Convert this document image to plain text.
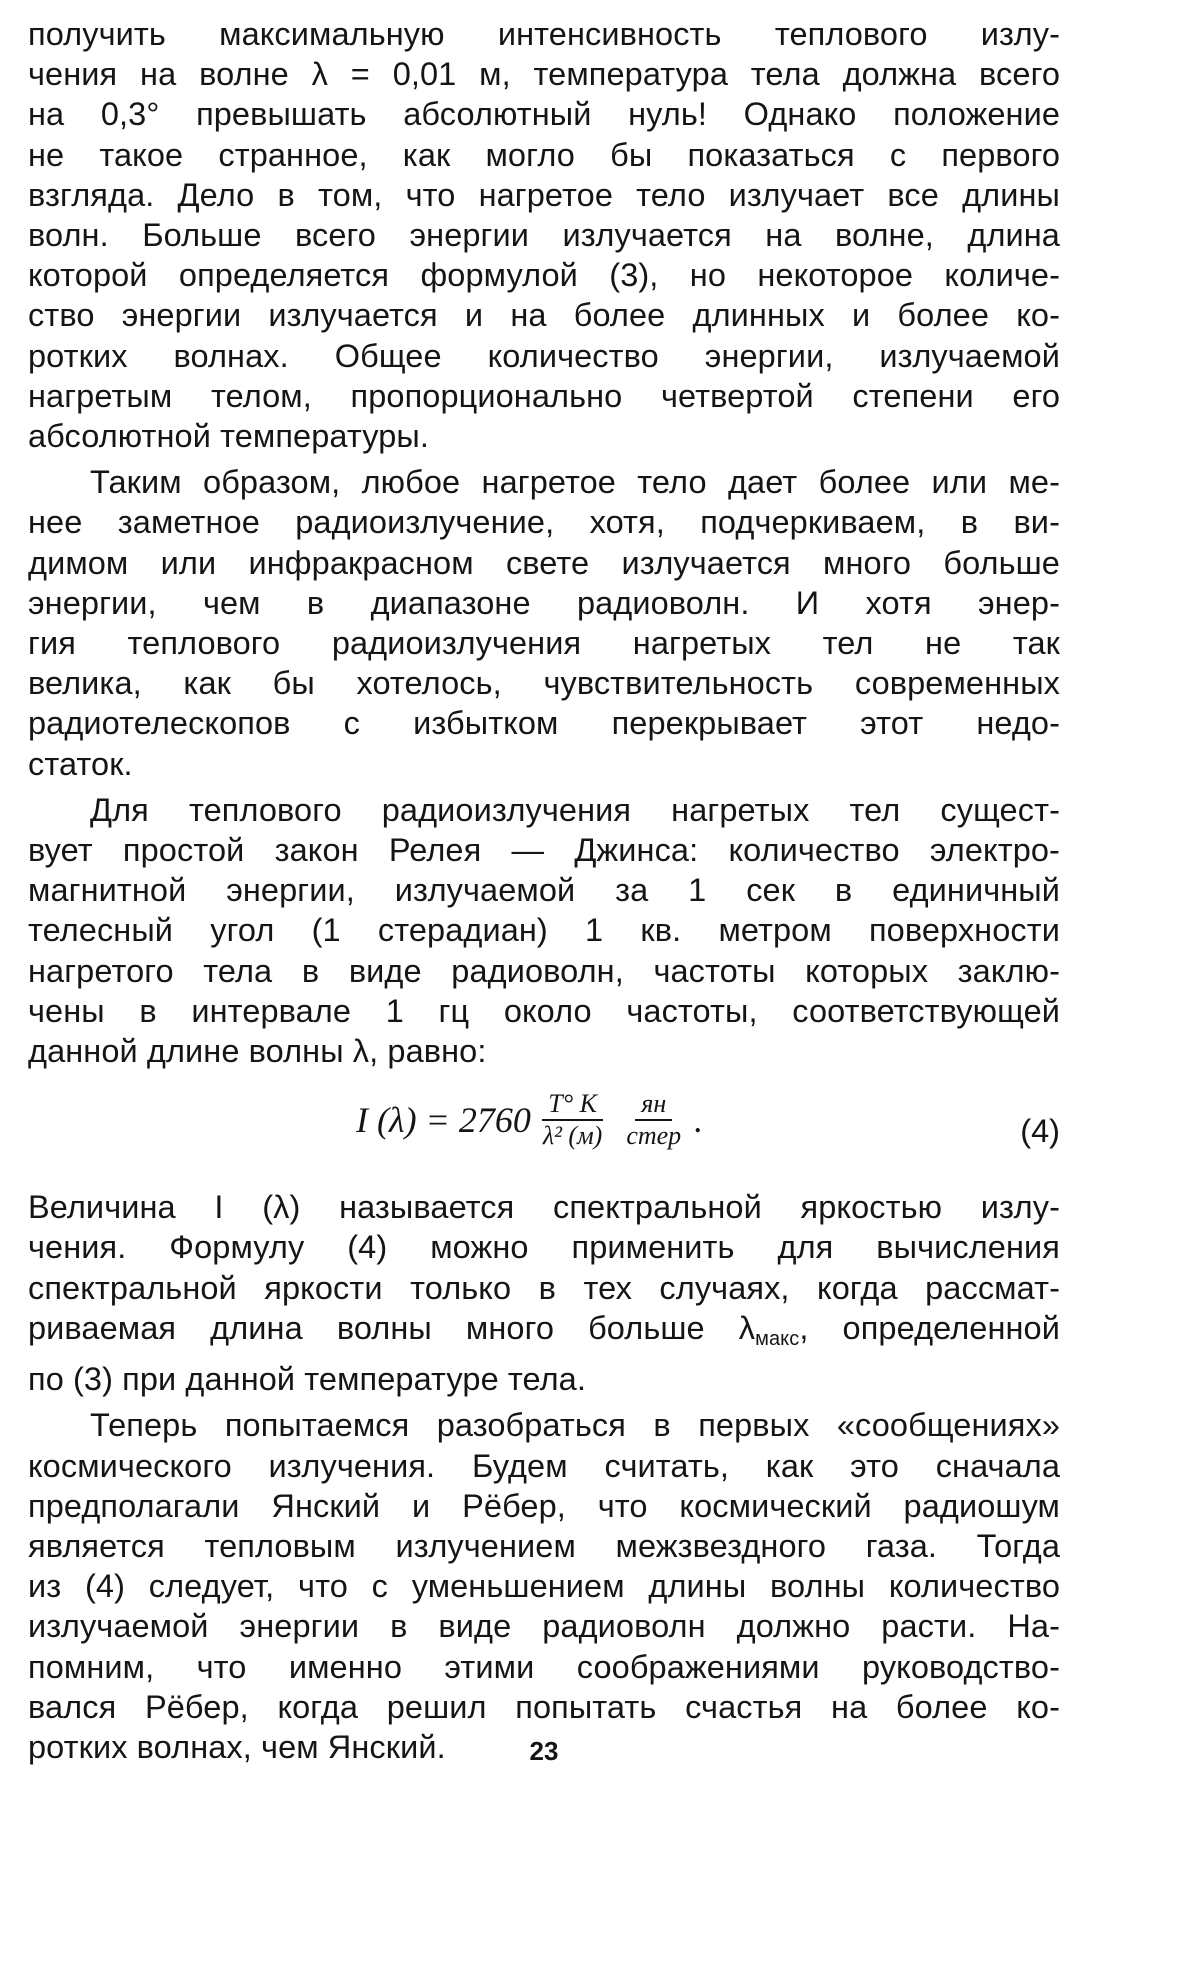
получить максимальную интенсивность теплового излу-
чения на волне λ = 0,01 м, температура тела должна всего
на 0,3° превышать абсолютный нуль! Однако положение
не такое странное, как могло бы показаться с первого
взгляда. Дело в том, что нагретое тело излучает все длины
волн. Больше всего энергии излучается на волне, длина
которой определяется формулой (3), но некоторое количе-
ство энергии излучается и на более длинных и более ко-
ротких волнах. Общее количество энергии, излучаемой
нагретым телом, пропорционально четвертой степени его
абсолютной температуры.

Таким образом, любое нагретое тело дает более или ме-
нее заметное радиоизлучение, хотя, подчеркиваем, в ви-
димом или инфракрасном свете излучается много больше
энергии, чем в диапазоне радиоволн. И хотя энер-
гия теплового радиоизлучения нагретых тел не так
велика, как бы хотелось, чувствительность современных
радиотелескопов с избытком перекрывает этот недо-
статок.

Для теплового радиоизлучения нагретых тел сущест-
вует простой закон Релея — Джинса: количество электро-
магнитной энергии, излучаемой за 1 сек в единичный
телесный угол (1 стерадиан) 1 кв. метром поверхности
нагретого тела в виде радиоволн, частоты которых заклю-
чены в интервале 1 гц около частоты, соответствующей
данной длине волны λ, равно:

I $(\lambda) = 2760 \frac{T^\circ K}{\text{λ² (м)}} \frac{ян}{\text{стер}}$ .	(4)

Величина I (λ) называется спектральной яркостью излу-
чения. Формулу (4) можно применить для вычисления
спектральной яркости только в тех случаях, когда рассмат-
риваемая длина волны много больше $\lambda_{макс}$, определенной
по (3) при данной температуре тела.

Теперь попытаемся разобраться в первых «сообщениях»
космического излучения. Будем считать, как это сначала
предполагали Янский и Рёбер, что космический радиошум
является тепловым излучением межзвездного газа. Тогда
из (4) следует, что с уменьшением длины волны количество
излучаемой энергии в виде радиоволн должно расти. На-
помним, что именно этими соображениями руководство-
вался Рёбер, когда решил попытать счастья на более ко-
ротких волнах, чем Янский.	23
